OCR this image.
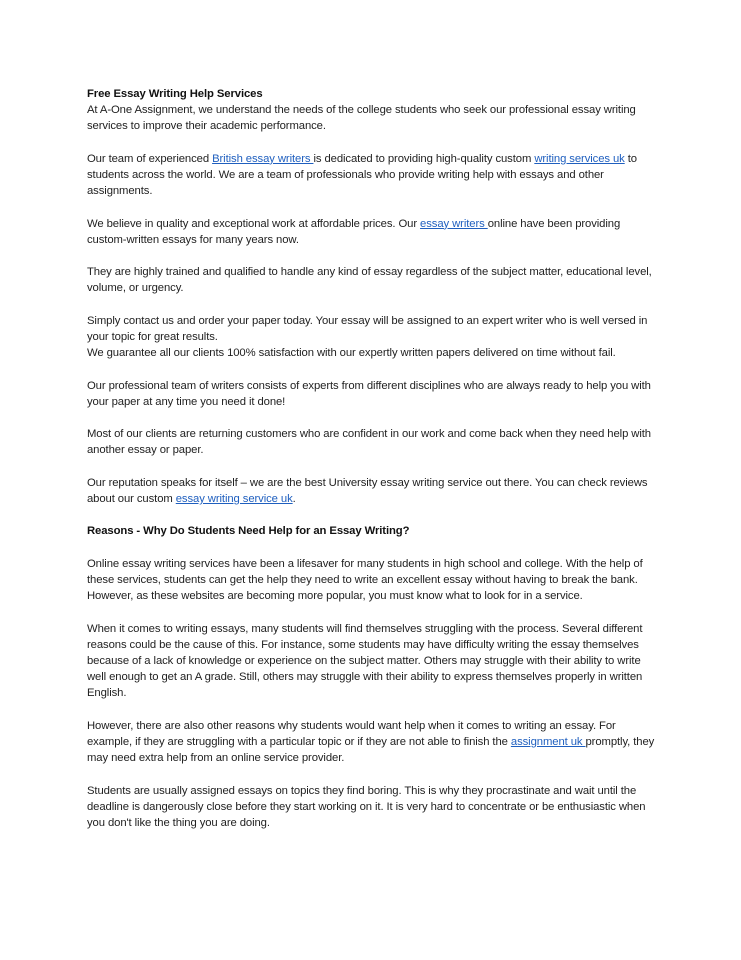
Free Essay Writing Help Services
At A-One Assignment, we understand the needs of the college students who seek our professional essay writing services to improve their academic performance.

Our team of experienced British essay writers is dedicated to providing high-quality custom writing services uk to students across the world. We are a team of professionals who provide writing help with essays and other assignments.

We believe in quality and exceptional work at affordable prices. Our essay writers online have been providing custom-written essays for many years now.

They are highly trained and qualified to handle any kind of essay regardless of the subject matter, educational level, volume, or urgency.

Simply contact us and order your paper today. Your essay will be assigned to an expert writer who is well versed in your topic for great results.

We guarantee all our clients 100% satisfaction with our expertly written papers delivered on time without fail.

Our professional team of writers consists of experts from different disciplines who are always ready to help you with your paper at any time you need it done!

Most of our clients are returning customers who are confident in our work and come back when they need help with another essay or paper.

Our reputation speaks for itself – we are the best University essay writing service out there. You can check reviews about our custom essay writing service uk.

Reasons - Why Do Students Need Help for an Essay Writing?

Online essay writing services have been a lifesaver for many students in high school and college. With the help of these services, students can get the help they need to write an excellent essay without having to break the bank. However, as these websites are becoming more popular, you must know what to look for in a service.

When it comes to writing essays, many students will find themselves struggling with the process. Several different reasons could be the cause of this. For instance, some students may have difficulty writing the essay themselves because of a lack of knowledge or experience on the subject matter. Others may struggle with their ability to write well enough to get an A grade. Still, others may struggle with their ability to express themselves properly in written English.

However, there are also other reasons why students would want help when it comes to writing an essay. For example, if they are struggling with a particular topic or if they are not able to finish the assignment uk promptly, they may need extra help from an online service provider.

Students are usually assigned essays on topics they find boring. This is why they procrastinate and wait until the deadline is dangerously close before they start working on it. It is very hard to concentrate or be enthusiastic when you don't like the thing you are doing.
